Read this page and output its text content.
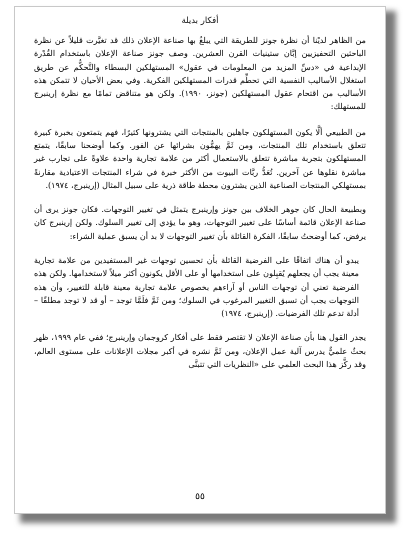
أفكار بديلة

من الظاهر لديْنا أن نظرة جونز للطريقة التي يبلغُ بها صناعة الإعلان ذلك قد تغيَّرت قليلاً عن نظرة الباحثين التحفيزيين إبَّان ستينيات القرن العشرين. وصف جونز صناعة الإعلان باستخدام القُدْرة الإبداعية في «دسِّ المزيد من المعلومات في عقول» المستهلكين البسطاء والتَّحكُّم عن طريق استغلال الأساليب النفسية التي تحطِّم قدرات المستهلكين الفكرية. وفي بعض الأحيان لا تتمكن هذه الأساليب من اقتحام عقول المستهلكين (جونز، ١٩٩٠). ولكن هو متناقض تمامًا مع نظرة إرينبرج للمستهلك:

من الطبيعي ألَّا يكون المستهلكون جاهلين بالمنتجات التي يشترونها كثيرًا، فهم يتمتعون بخبرة كبيرة تتعلق باستخدام تلك المنتجات، ومن ثَمَّ يهمُّون بشرائها عن الفور. وكما أوضحنا سابقًا، يتمتع المستهلكون بتجربة مباشرة تتعلق بالاستعمال أكثر من علامة تجارية واحدة علاوةً على تجارب غير مباشرة نقلوها عن آخرين. تُعَدُّ ربَّات البيوت من الأكثر خبرة في شراء المنتجات الاعتيادية مقارنةً بمستهلكي المنتجات الصناعية الذين يشترون محطة طاقة ذرية على سبيل المثال (إرينبرج، ١٩٧٤).

وبطبيعة الحال كان جوهر الخلاف بين جونز وإرينبرج يتمثل في تغيير التوجهات. فكان جونز يرى أن صناعة الإعلان قائمة أساسًا على تغيير التوجهات، وهو ما يؤدي إلى تغيير السلوك. ولكن إرينبرج كان يرفض، كما أوضحتُ سابقًا، الفكرة القائلة بأن تغيير التوجهات لا بد أن يسبق عملية الشراء:

يبدو أن هناك اتفاقًا على الفرضية القائلة بأن تحسين توجهات غير المستفيدين من علامة تجارية معينة يجب أن يجعلهم يُقبِلون على استخدامها أو على الأقل يكونون أكثر ميلاً لاستخدامها. ولكن هذه الفرضية تعني أن توجهات الناس أو آراءهم بخصوص علامة تجارية معينة قابلة للتغيير، وأن هذه التوجهات يجب أن تسبق التغيير المرغوب في السلوك؛ ومن ثَمَّ فلَمَّا توجد – أو قد لا توجد مطلقًا – أدلة تدعم تلك الفرضيات. (إرينبرج، ١٩٧٤)

يجدر القول هنا بأن صناعة الإعلان لا تقتصر فقط على أفكار كروجمان وإرينبرج؛ ففي عام ١٩٩٩، ظهر بحثٌ علميٌّ يدرس آلية عمل الإعلان، ومن ثَمَّ نشره في أكبر مجلات الإعلانات على مستوى العالم، وقد ركَّز هذا البحث العلمي على «النظريات التي تتبنَّى

٥٥
